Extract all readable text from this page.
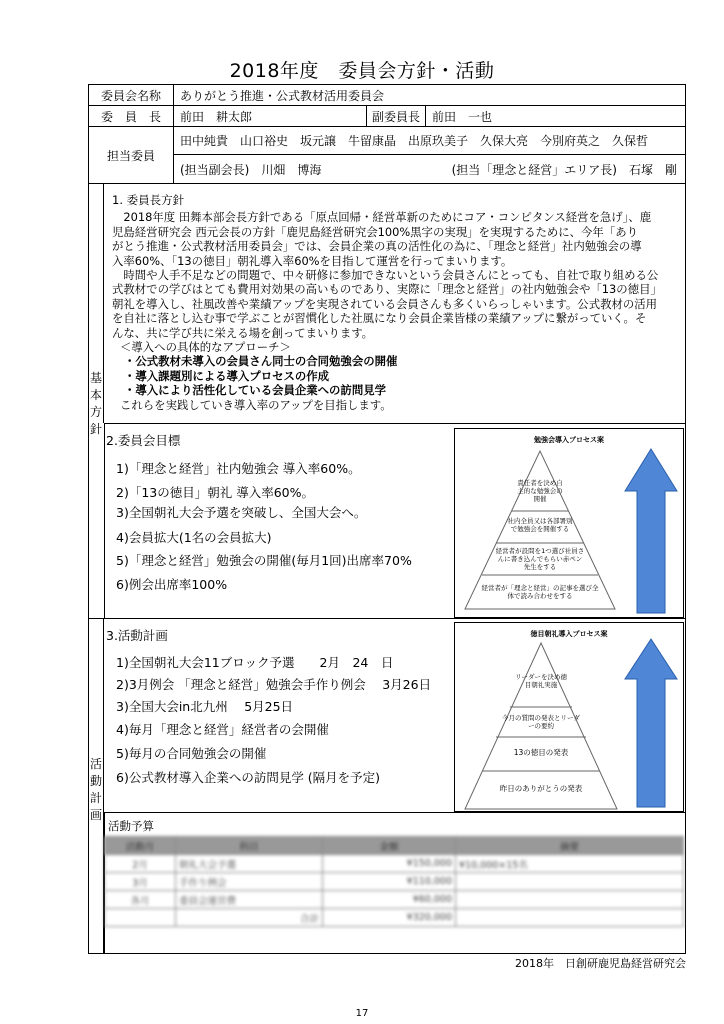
2018年度　委員会方針・活動
委員会名称	ありがとう推進・公式教材活用委員会
委　員　長	前田　耕太郎	副委員長	前田　一也
担当委員
田中純貴　山口裕史　坂元譲　牛留康晶　出原玖美子　久保大亮　今別府英之　久保哲
(担当副会長)　川畑　博海	(担当「理念と経営」エリア長)　石塚　剛
基
本
方
針
1. 委員長方針
　2018年度 田舞本部会長方針である「原点回帰・経営革新のためにコア・コンピタンス経営を急げ」、鹿
児島経営研究会 西元会長の方針「鹿児島経営研究会100%黒字の実現」を実現するために、今年「あり
がとう推進・公式教材活用委員会」では、会員企業の真の活性化の為に、「理念と経営」社内勉強会の導
入率60%、「13の徳目」朝礼導入率60%を目指して運営を行ってまいります。
　時間や人手不足などの問題で、中々研修に参加できないという会員さんにとっても、自社で取り組める公
式教材での学びはとても費用対効果の高いものであり、実際に「理念と経営」の社内勉強会や「13の徳目」
朝礼を導入し、社風改善や業績アップを実現されている会員さんも多くいらっしゃいます。公式教材の活用
を自社に落とし込む事で学ぶことが習慣化した社風になり会員企業皆様の業績アップに繋がっていく。そ
んな、共に学び共に栄える場を創ってまいります。
＜導入への具体的なアプローチ＞
・公式教材未導入の会員さん同士の合同勉強会の開催
・導入課題別による導入プロセスの作成
・導入により活性化している会員企業への訪問見学
これらを実践していき導入率のアップを目指します。
2.委員会目標
1)「理念と経営」社内勉強会 導入率60%。
2)「13の徳目」朝礼 導入率60%。
3)全国朝礼大会予選を突破し、全国大会へ。
4)会員拡大(1名の会員拡大)
5)「理念と経営」勉強会の開催(毎月1回)出席率70%
6)例会出席率100%
勉強会導入プロセス案
責任者を決め自主的な勉強会の開催
社内全員又は各部署別で勉強会を開催する
経営者が設問を1つ選び社員さんに書き込んでもらい赤ペン先生をする
経営者が「理念と経営」の記事を選び全体で読み合わせをする
活
動
計
画
3.活動計画
1)全国朝礼大会11ブロック予選　　2月　24　日
2)3月例会 「理念と経営」勉強会手作り例会　 3月26日
3)全国大会in北九州　 5月25日
4)毎月「理念と経営」経営者の会開催
5)毎月の合同勉強会の開催
6)公式教材導入企業への訪問見学 (隔月を予定)
徳目朝礼導入プロセス案
リーダーを決め徳目朝礼実施
今月の質問の発表とリーダーの要約
13の徳目の発表
昨日のありがとうの発表
活動予算
活動月	科目	金額	摘要
2月	朝礼大会予選	¥150,000	¥10,000×15名
3月	手作り例会	¥110,000	
各月	委員会運営費	¥60,000	
	合計	¥320,000	
2018年　日創研鹿児島経営研究会
17
